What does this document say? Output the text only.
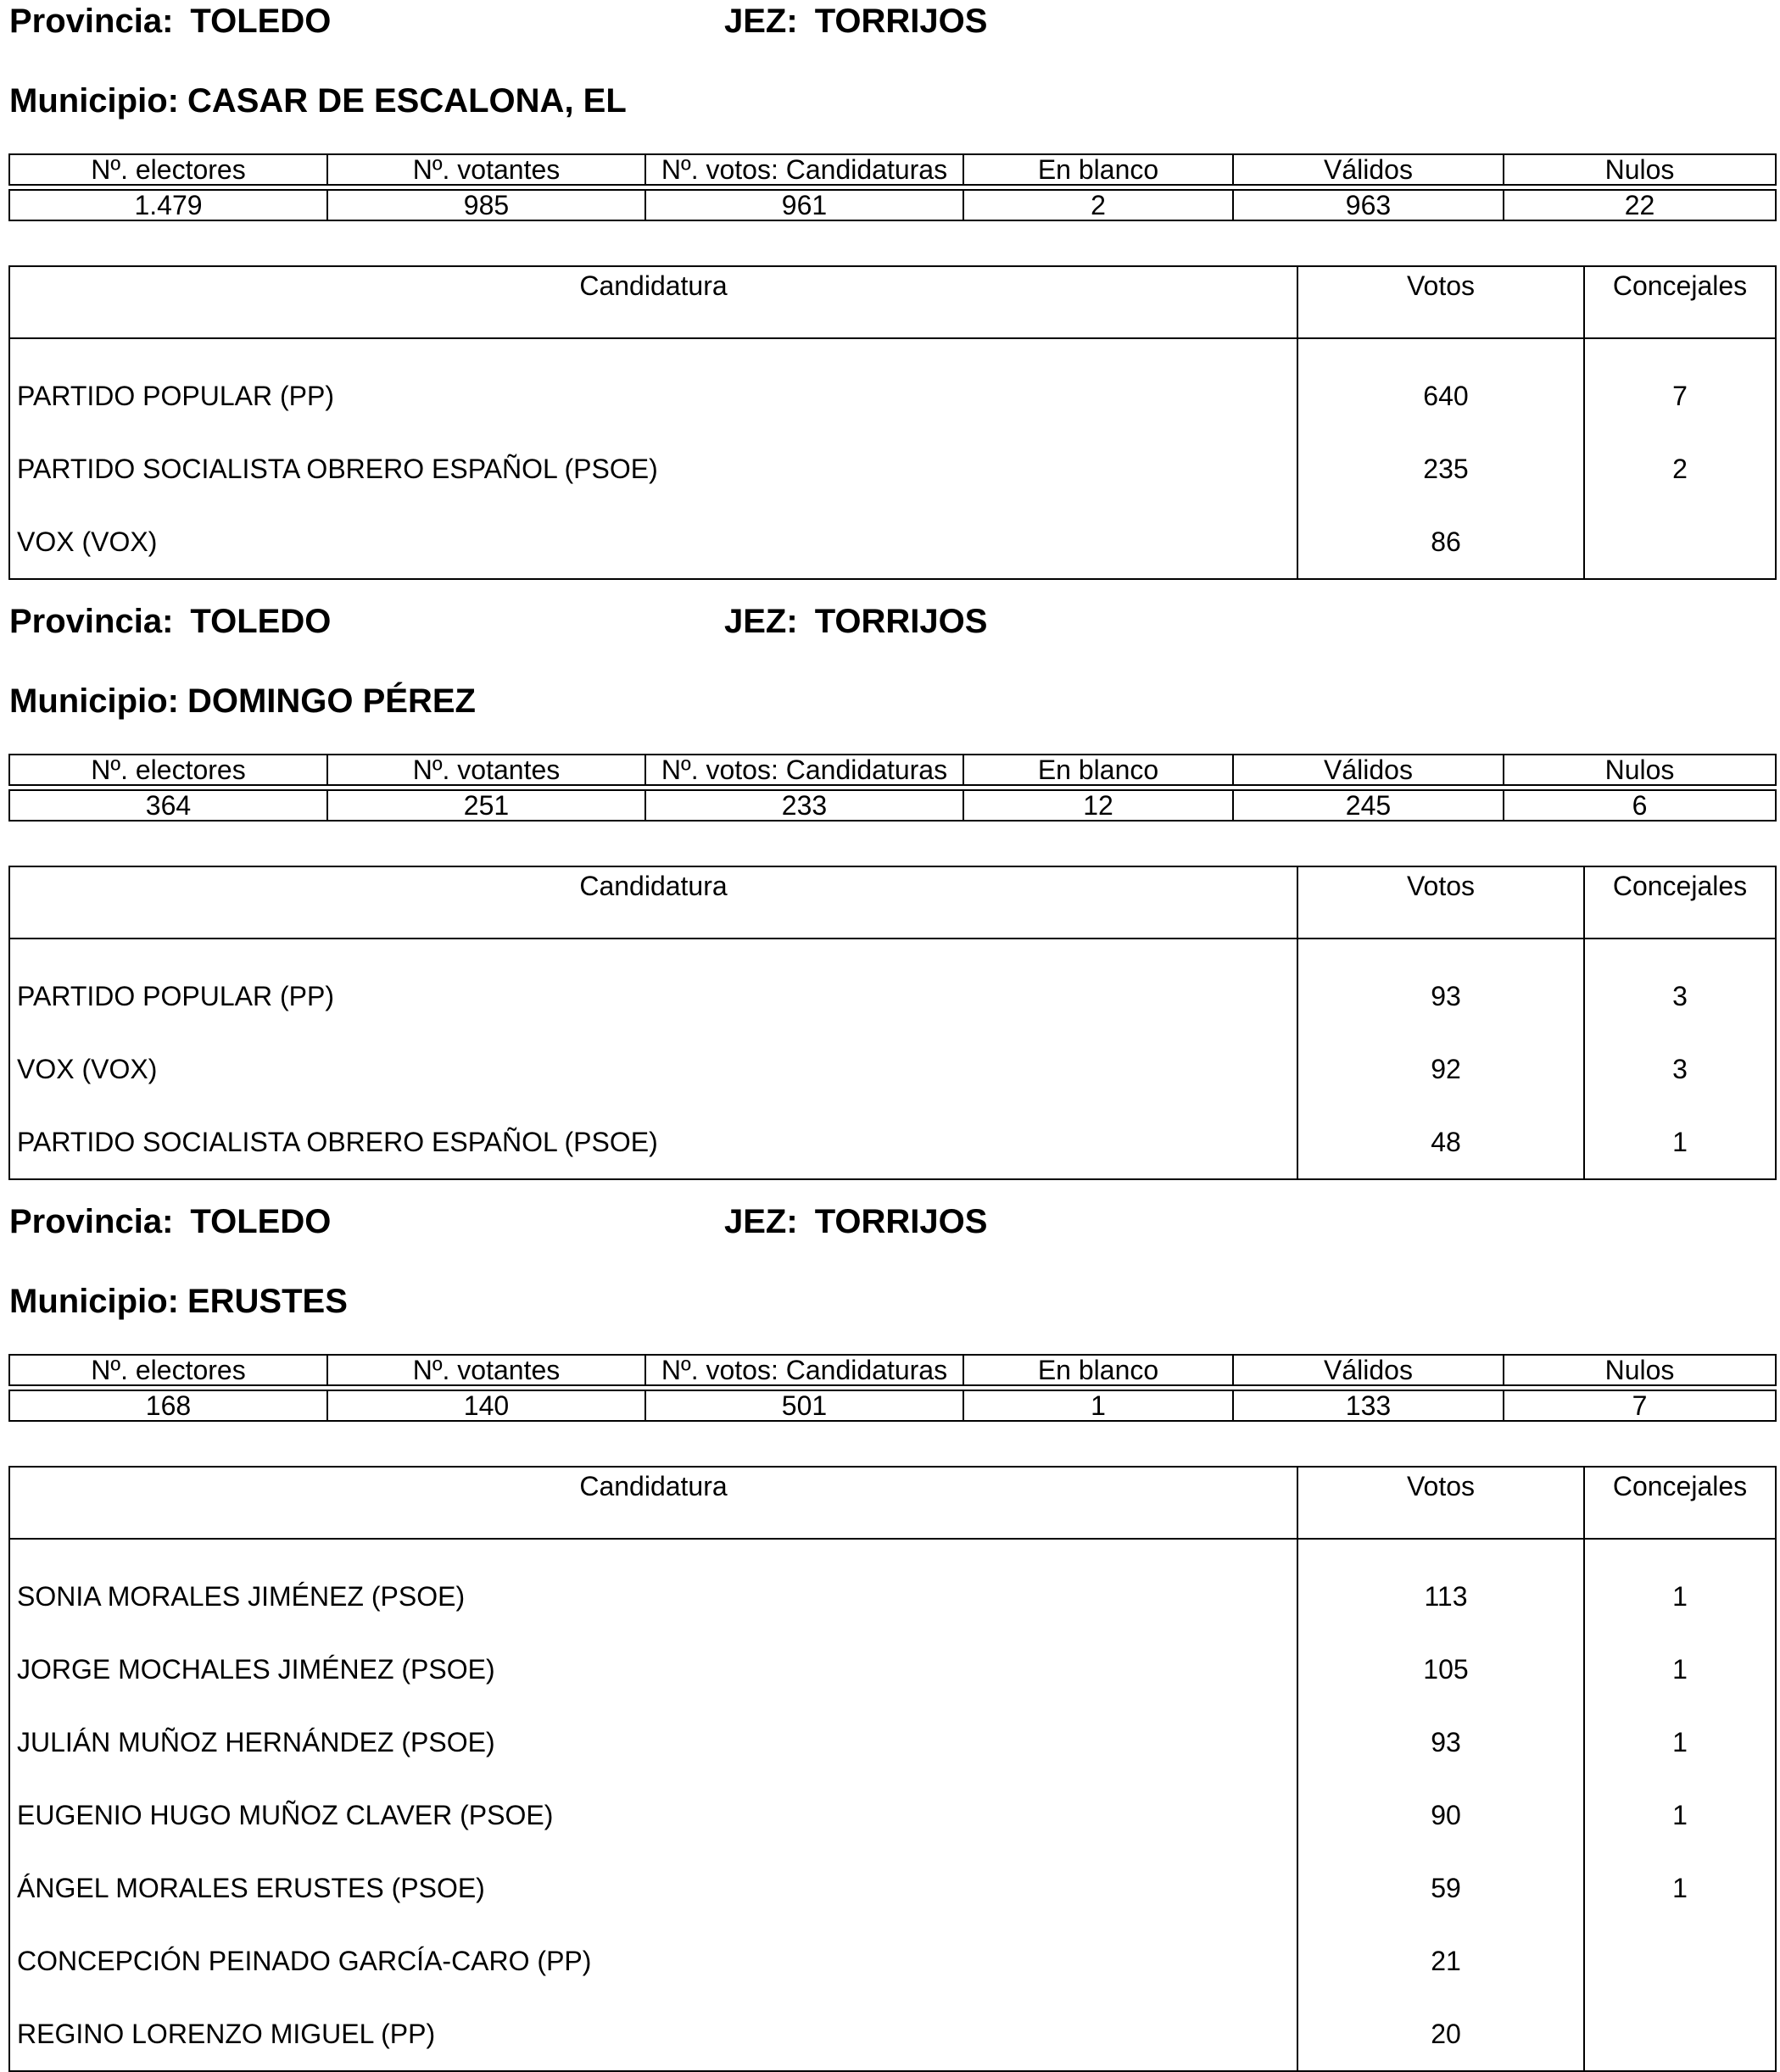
Provincia: TOLEDO	JEZ: TORRIJOS
Municipio: CASAR DE ESCALONA, EL
Nº. electores	Nº. votantes	Nº. votos: Candidaturas	En blanco	Válidos	Nulos

1.479	985	961	2	963	22
Candidatura	Votos	Concejales
PARTIDO POPULAR (PP)	640	7
PARTIDO SOCIALISTA OBRERO ESPAÑOL (PSOE)	235	2
VOX (VOX)	86	
Provincia: TOLEDO	JEZ: TORRIJOS
Municipio: DOMINGO PÉREZ
Nº. electores	Nº. votantes	Nº. votos: Candidaturas	En blanco	Válidos	Nulos

364	251	233	12	245	6
Candidatura	Votos	Concejales
PARTIDO POPULAR (PP)	93	3
VOX (VOX)	92	3
PARTIDO SOCIALISTA OBRERO ESPAÑOL (PSOE)	48	1
Provincia: TOLEDO	JEZ: TORRIJOS
Municipio: ERUSTES
Nº. electores	Nº. votantes	Nº. votos: Candidaturas	En blanco	Válidos	Nulos

168	140	501	1	133	7
Candidatura	Votos	Concejales
SONIA MORALES JIMÉNEZ (PSOE)	113	1
JORGE MOCHALES JIMÉNEZ (PSOE)	105	1
JULIÁN MUÑOZ HERNÁNDEZ (PSOE)	93	1
EUGENIO HUGO MUÑOZ CLAVER (PSOE)	90	1
ÁNGEL MORALES ERUSTES (PSOE)	59	1
CONCEPCIÓN PEINADO GARCÍA-CARO (PP)	21	
REGINO LORENZO MIGUEL (PP)	20	
